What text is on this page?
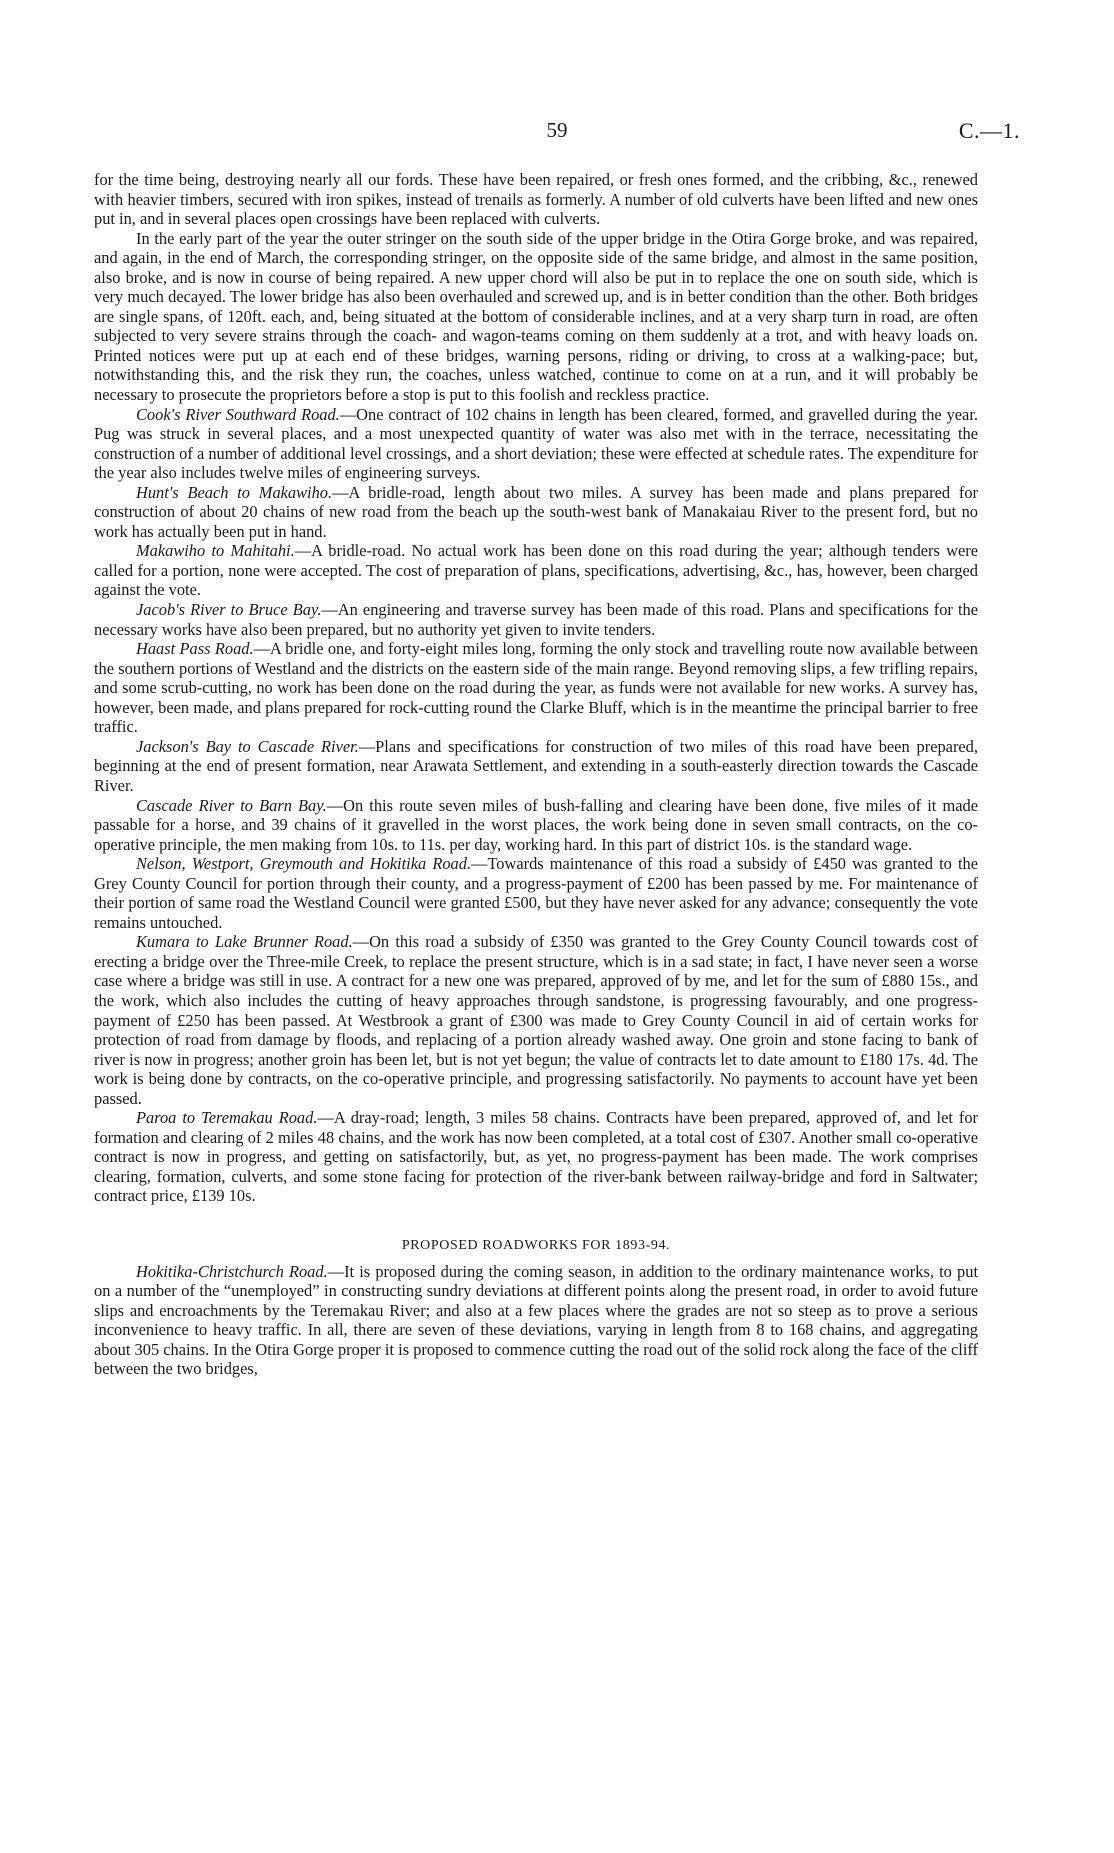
59	C.—1.

for the time being, destroying nearly all our fords. These have been repaired, or fresh ones formed, and the cribbing, &c., renewed with heavier timbers, secured with iron spikes, instead of trenails as formerly. A number of old culverts have been lifted and new ones put in, and in several places open crossings have been replaced with culverts.

In the early part of the year the outer stringer on the south side of the upper bridge in the Otira Gorge broke, and was repaired, and again, in the end of March, the corresponding stringer, on the opposite side of the same bridge, and almost in the same position, also broke, and is now in course of being repaired. A new upper chord will also be put in to replace the one on south side, which is very much decayed. The lower bridge has also been overhauled and screwed up, and is in better condition than the other. Both bridges are single spans, of 120ft. each, and, being situated at the bottom of considerable inclines, and at a very sharp turn in road, are often subjected to very severe strains through the coach- and wagon-teams coming on them suddenly at a trot, and with heavy loads on. Printed notices were put up at each end of these bridges, warning persons, riding or driving, to cross at a walking-pace; but, notwithstanding this, and the risk they run, the coaches, unless watched, continue to come on at a run, and it will probably be necessary to prosecute the proprietors before a stop is put to this foolish and reckless practice.

Cook's River Southward Road.—One contract of 102 chains in length has been cleared, formed, and gravelled during the year. Pug was struck in several places, and a most unexpected quantity of water was also met with in the terrace, necessitating the construction of a number of additional level crossings, and a short deviation; these were effected at schedule rates. The expenditure for the year also includes twelve miles of engineering surveys.

Hunt's Beach to Makawiho.—A bridle-road, length about two miles. A survey has been made and plans prepared for construction of about 20 chains of new road from the beach up the south-west bank of Manakaiau River to the present ford, but no work has actually been put in hand.

Makawiho to Mahitahi.—A bridle-road. No actual work has been done on this road during the year; although tenders were called for a portion, none were accepted. The cost of preparation of plans, specifications, advertising, &c., has, however, been charged against the vote.

Jacob's River to Bruce Bay.—An engineering and traverse survey has been made of this road. Plans and specifications for the necessary works have also been prepared, but no authority yet given to invite tenders.

Haast Pass Road.—A bridle one, and forty-eight miles long, forming the only stock and travelling route now available between the southern portions of Westland and the districts on the eastern side of the main range. Beyond removing slips, a few trifling repairs, and some scrub-cutting, no work has been done on the road during the year, as funds were not available for new works. A survey has, however, been made, and plans prepared for rock-cutting round the Clarke Bluff, which is in the meantime the principal barrier to free traffic.

Jackson's Bay to Cascade River.—Plans and specifications for construction of two miles of this road have been prepared, beginning at the end of present formation, near Arawata Settlement, and extending in a south-easterly direction towards the Cascade River.

Cascade River to Barn Bay.—On this route seven miles of bush-falling and clearing have been done, five miles of it made passable for a horse, and 39 chains of it gravelled in the worst places, the work being done in seven small contracts, on the co-operative principle, the men making from 10s. to 11s. per day, working hard. In this part of district 10s. is the standard wage.

Nelson, Westport, Greymouth and Hokitika Road.—Towards maintenance of this road a subsidy of £450 was granted to the Grey County Council for portion through their county, and a progress-payment of £200 has been passed by me. For maintenance of their portion of same road the Westland Council were granted £500, but they have never asked for any advance; consequently the vote remains untouched.

Kumara to Lake Brunner Road.—On this road a subsidy of £350 was granted to the Grey County Council towards cost of erecting a bridge over the Three-mile Creek, to replace the present structure, which is in a sad state; in fact, I have never seen a worse case where a bridge was still in use. A contract for a new one was prepared, approved of by me, and let for the sum of £880 15s., and the work, which also includes the cutting of heavy approaches through sandstone, is progressing favourably, and one progress-payment of £250 has been passed. At Westbrook a grant of £300 was made to Grey County Council in aid of certain works for protection of road from damage by floods, and replacing of a portion already washed away. One groin and stone facing to bank of river is now in progress; another groin has been let, but is not yet begun; the value of contracts let to date amount to £180 17s. 4d. The work is being done by contracts, on the co-operative principle, and progressing satisfactorily. No payments to account have yet been passed.

Paroa to Teremakau Road.—A dray-road; length, 3 miles 58 chains. Contracts have been prepared, approved of, and let for formation and clearing of 2 miles 48 chains, and the work has now been completed, at a total cost of £307. Another small co-operative contract is now in progress, and getting on satisfactorily, but, as yet, no progress-payment has been made. The work comprises clearing, formation, culverts, and some stone facing for protection of the river-bank between railway-bridge and ford in Saltwater; contract price, £139 10s.

PROPOSED ROADWORKS FOR 1893-94.

Hokitika-Christchurch Road.—It is proposed during the coming season, in addition to the ordinary maintenance works, to put on a number of the “unemployed” in constructing sundry deviations at different points along the present road, in order to avoid future slips and encroachments by the Teremakau River; and also at a few places where the grades are not so steep as to prove a serious inconvenience to heavy traffic. In all, there are seven of these deviations, varying in length from 8 to 168 chains, and aggregating about 305 chains. In the Otira Gorge proper it is proposed to commence cutting the road out of the solid rock along the face of the cliff between the two bridges,
